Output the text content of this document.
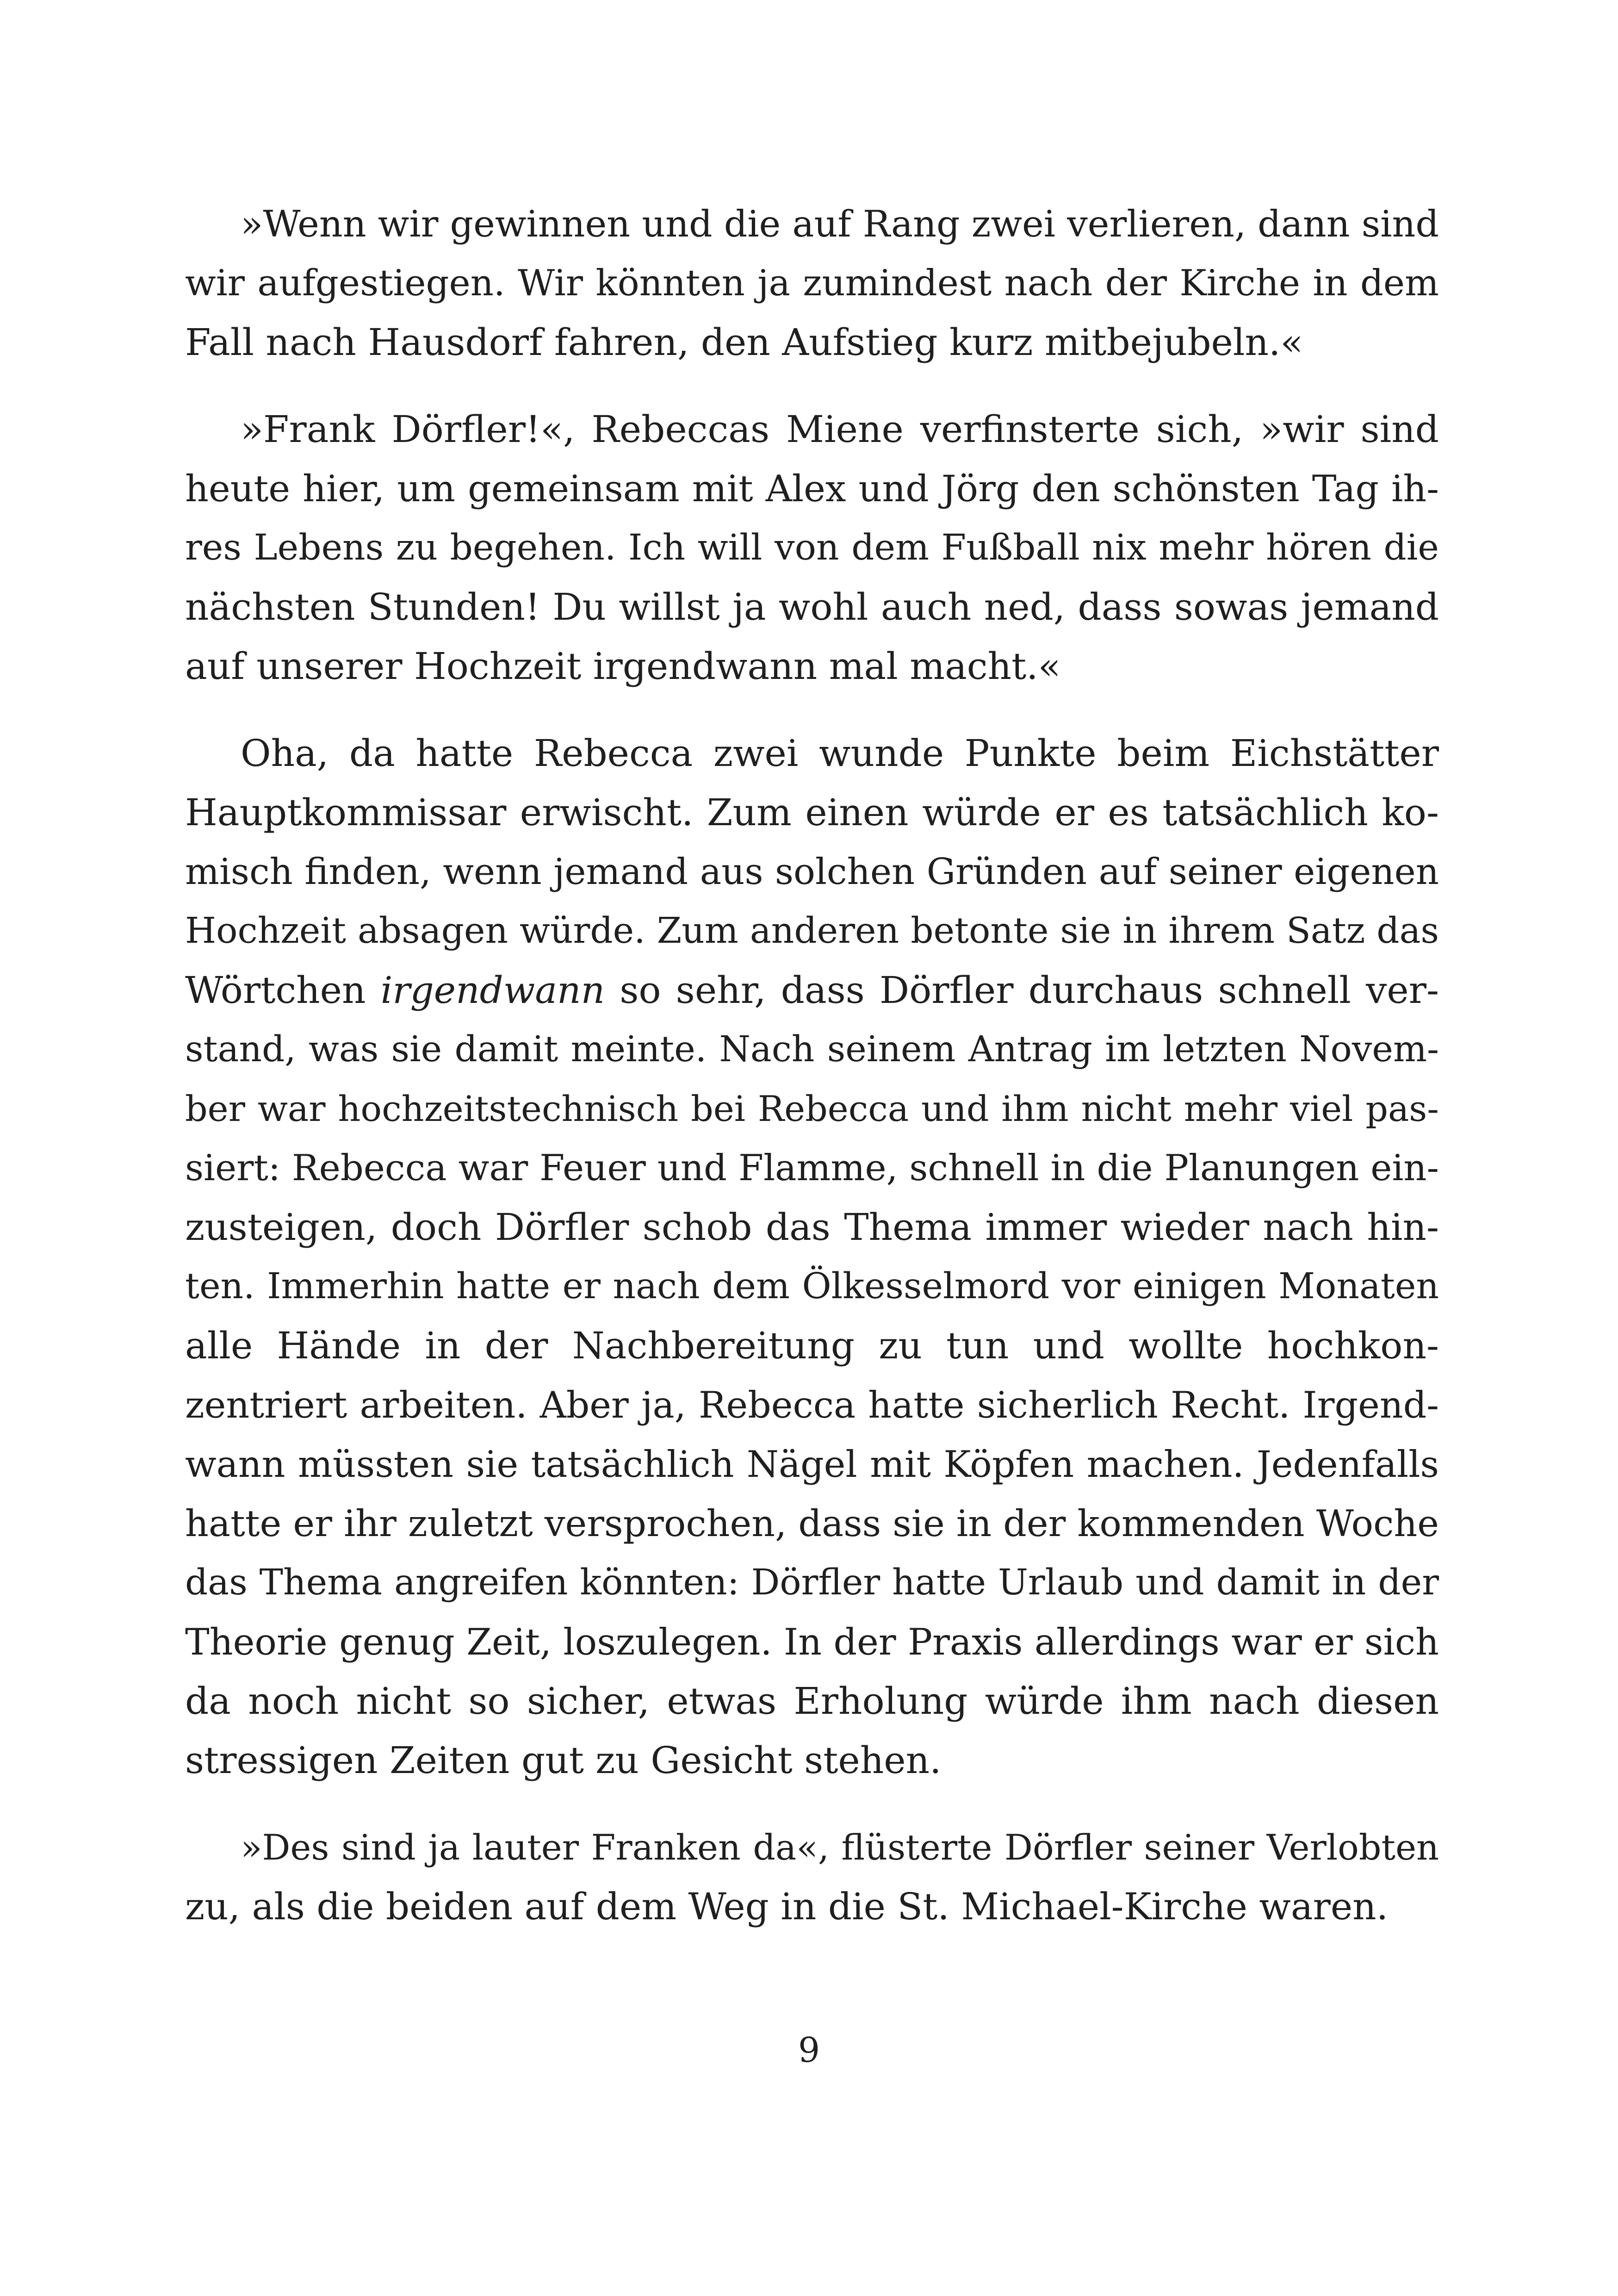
»Wenn wir gewinnen und die auf Rang zwei verlieren, dann sind
wir aufgestiegen. Wir könnten ja zumindest nach der Kirche in dem
Fall nach Hausdorf fahren, den Aufstieg kurz mitbejubeln.«
»Frank Dörfler!«, Rebeccas Miene verfinsterte sich, »wir sind
heute hier, um gemeinsam mit Alex und Jörg den schönsten Tag ih-
res Lebens zu begehen. Ich will von dem Fußball nix mehr hören die
nächsten Stunden! Du willst ja wohl auch ned, dass sowas jemand
auf unserer Hochzeit irgendwann mal macht.«
Oha, da hatte Rebecca zwei wunde Punkte beim Eichstätter
Hauptkommissar erwischt. Zum einen würde er es tatsächlich ko-
misch finden, wenn jemand aus solchen Gründen auf seiner eigenen
Hochzeit absagen würde. Zum anderen betonte sie in ihrem Satz das
Wörtchen irgendwann so sehr, dass Dörfler durchaus schnell ver-
stand, was sie damit meinte. Nach seinem Antrag im letzten Novem-
ber war hochzeitstechnisch bei Rebecca und ihm nicht mehr viel pas-
siert: Rebecca war Feuer und Flamme, schnell in die Planungen ein-
zusteigen, doch Dörfler schob das Thema immer wieder nach hin-
ten. Immerhin hatte er nach dem Ölkesselmord vor einigen Monaten
alle Hände in der Nachbereitung zu tun und wollte hochkon-
zentriert arbeiten. Aber ja, Rebecca hatte sicherlich Recht. Irgend-
wann müssten sie tatsächlich Nägel mit Köpfen machen. Jedenfalls
hatte er ihr zuletzt versprochen, dass sie in der kommenden Woche
das Thema angreifen könnten: Dörfler hatte Urlaub und damit in der
Theorie genug Zeit, loszulegen. In der Praxis allerdings war er sich
da noch nicht so sicher, etwas Erholung würde ihm nach diesen
stressigen Zeiten gut zu Gesicht stehen.
»Des sind ja lauter Franken da«, flüsterte Dörfler seiner Verlobten
zu, als die beiden auf dem Weg in die St. Michael-Kirche waren.
9
